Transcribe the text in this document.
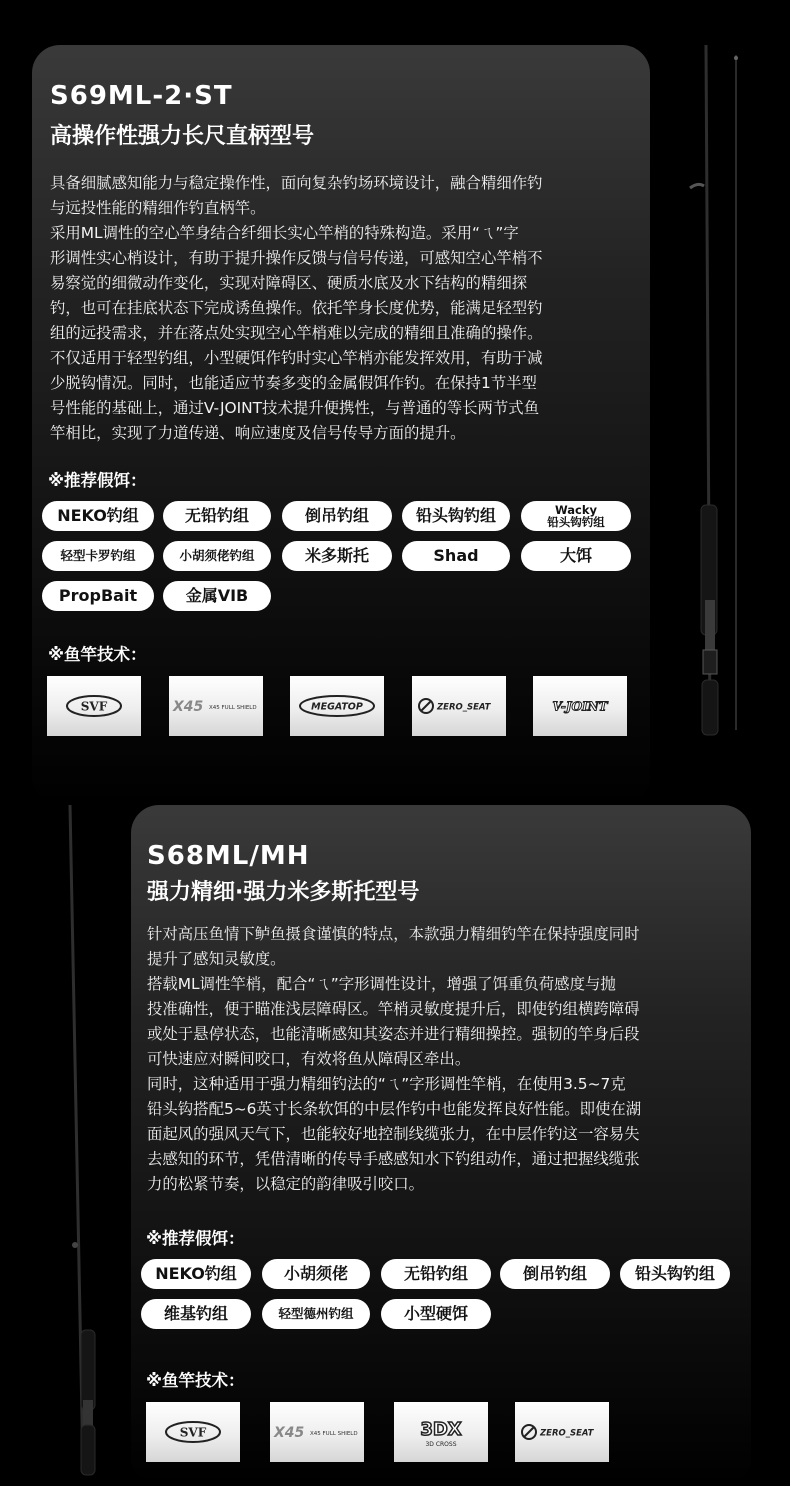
S69ML-2·ST
高操作性强力长尺直柄型号
具备细腻感知能力与稳定操作性，面向复杂钓场环境设计，融合精细作钓
与远投性能的精细作钓直柄竿。
采用ML调性的空心竿身结合纤细长实心竿梢的特殊构造。采用“ㄟ”字
形调性实心梢设计，有助于提升操作反馈与信号传递，可感知空心竿梢不
易察觉的细微动作变化，实现对障碍区、硬质水底及水下结构的精细探
钓，也可在挂底状态下完成诱鱼操作。依托竿身长度优势，能满足轻型钓
组的远投需求，并在落点处实现空心竿梢难以完成的精细且准确的操作。
不仅适用于轻型钓组，小型硬饵作钓时实心竿梢亦能发挥效用，有助于减
少脱钩情况。同时，也能适应节奏多变的金属假饵作钓。在保持1节半型
号性能的基础上，通过V-JOINT技术提升便携性，与普通的等长两节式鱼
竿相比，实现了力道传递、响应速度及信号传导方面的提升。
※推荐假饵：
NEKO钓组	无铅钓组	倒吊钓组	铅头钩钓组	Wacky
铅头钩钓组
轻型卡罗钓组	小胡须佬钓组	米多斯托	Shad	大饵
PropBait	金属VIB
※鱼竿技术：
SVF	X45 X45 FULL SHIELD	MEGATOP	ZERO_SEAT	V-JOINT
S68ML/MH
强力精细·强力米多斯托型号
针对高压鱼情下鲈鱼摄食谨慎的特点，本款强力精细钓竿在保持强度同时
提升了感知灵敏度。
搭载ML调性竿梢，配合“ㄟ”字形调性设计，增强了饵重负荷感度与抛
投准确性，便于瞄准浅层障碍区。竿梢灵敏度提升后，即使钓组横跨障碍
或处于悬停状态，也能清晰感知其姿态并进行精细操控。强韧的竿身后段
可快速应对瞬间咬口，有效将鱼从障碍区牵出。
同时，这种适用于强力精细钓法的“ㄟ”字形调性竿梢，在使用3.5~7克
铅头钩搭配5~6英寸长条软饵的中层作钓中也能发挥良好性能。即使在湖
面起风的强风天气下，也能较好地控制线缆张力，在中层作钓这一容易失
去感知的环节，凭借清晰的传导手感感知水下钓组动作，通过把握线缆张
力的松紧节奏，以稳定的韵律吸引咬口。
※推荐假饵：
NEKO钓组	小胡须佬	无铅钓组	倒吊钓组	铅头钩钓组
维基钓组	轻型德州钓组	小型硬饵
※鱼竿技术：
SVF	X45 X45 FULL SHIELD	3DX
3D CROSS
ZERO_SEAT
